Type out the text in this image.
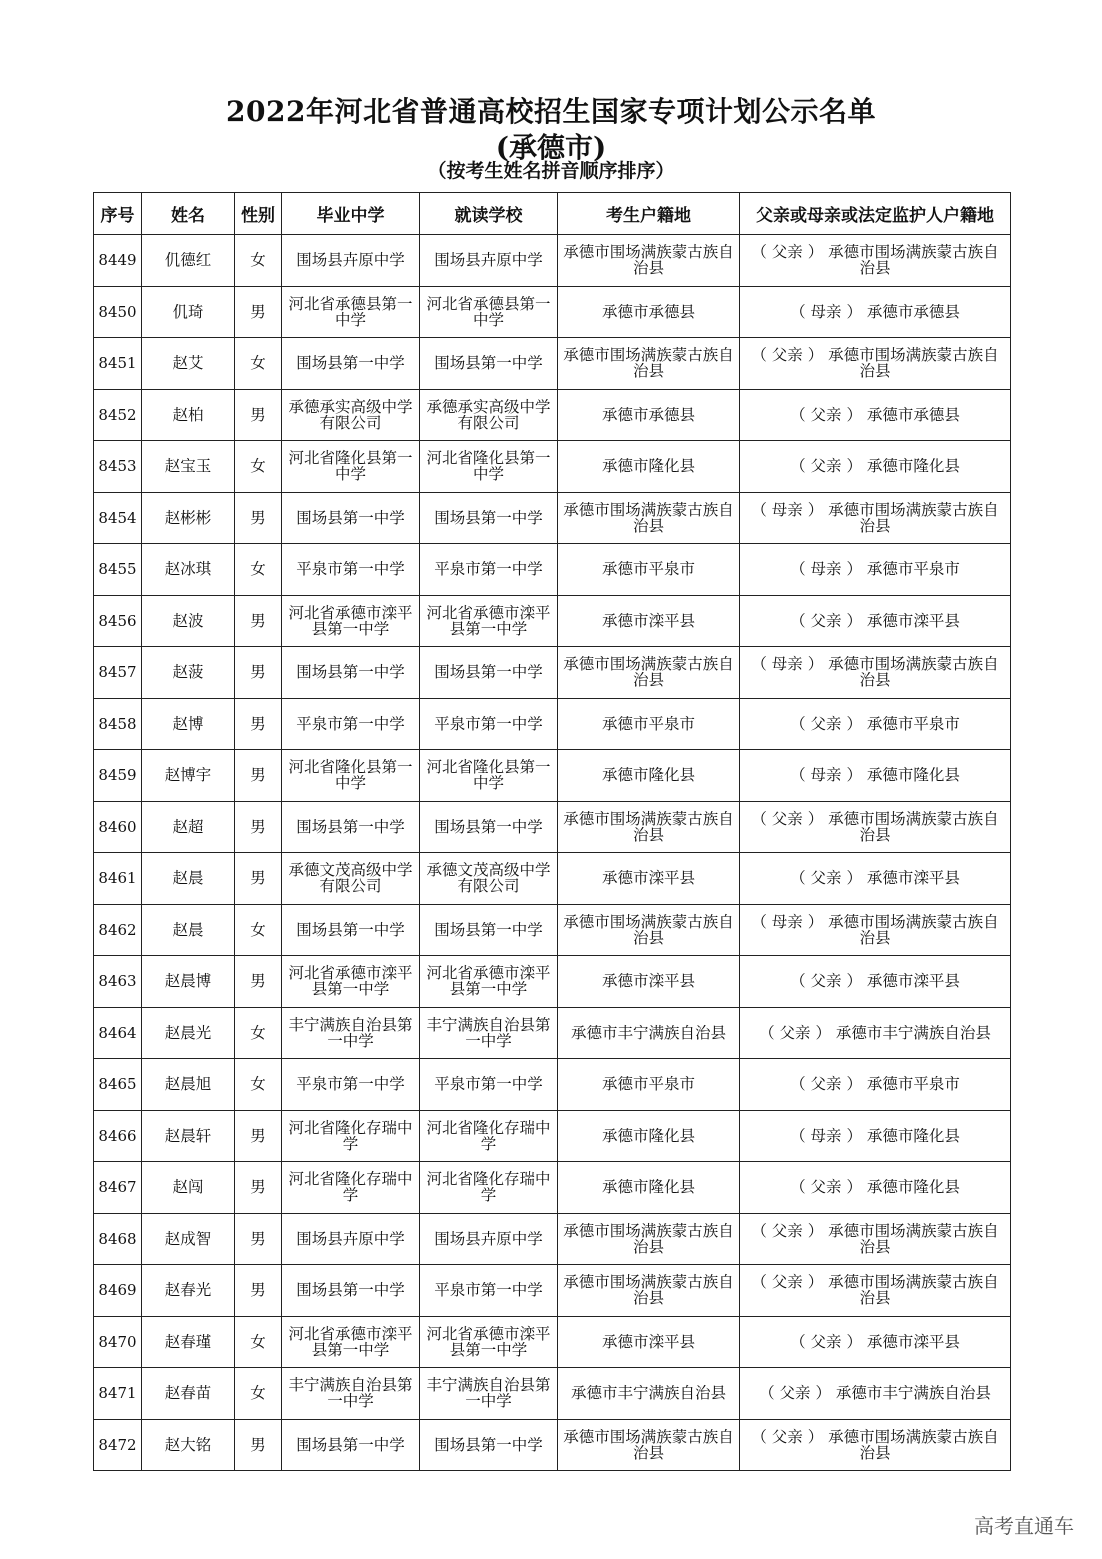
2022年河北省普通高校招生国家专项计划公示名单
(承德市)
（按考生姓名拼音顺序排序）
序号	姓名	性别	毕业中学	就读学校	考生户籍地	父亲或母亲或法定监护人户籍地
8449	仉德红	女	围场县卉原中学	围场县卉原中学	承德市围场满族蒙古族自治县	（ 父亲 ） 承德市围场满族蒙古族自治县
8450	仉琦	男	河北省承德县第一中学	河北省承德县第一中学	承德市承德县	（ 母亲 ） 承德市承德县
8451	赵艾	女	围场县第一中学	围场县第一中学	承德市围场满族蒙古族自治县	（ 父亲 ） 承德市围场满族蒙古族自治县
8452	赵柏	男	承德承实高级中学有限公司	承德承实高级中学有限公司	承德市承德县	（ 父亲 ） 承德市承德县
8453	赵宝玉	女	河北省隆化县第一中学	河北省隆化县第一中学	承德市隆化县	（ 父亲 ） 承德市隆化县
8454	赵彬彬	男	围场县第一中学	围场县第一中学	承德市围场满族蒙古族自治县	（ 母亲 ） 承德市围场满族蒙古族自治县
8455	赵冰琪	女	平泉市第一中学	平泉市第一中学	承德市平泉市	（ 母亲 ） 承德市平泉市
8456	赵波	男	河北省承德市滦平县第一中学	河北省承德市滦平县第一中学	承德市滦平县	（ 父亲 ） 承德市滦平县
8457	赵菠	男	围场县第一中学	围场县第一中学	承德市围场满族蒙古族自治县	（ 母亲 ） 承德市围场满族蒙古族自治县
8458	赵博	男	平泉市第一中学	平泉市第一中学	承德市平泉市	（ 父亲 ） 承德市平泉市
8459	赵博宇	男	河北省隆化县第一中学	河北省隆化县第一中学	承德市隆化县	（ 母亲 ） 承德市隆化县
8460	赵超	男	围场县第一中学	围场县第一中学	承德市围场满族蒙古族自治县	（ 父亲 ） 承德市围场满族蒙古族自治县
8461	赵晨	男	承德文茂高级中学有限公司	承德文茂高级中学有限公司	承德市滦平县	（ 父亲 ） 承德市滦平县
8462	赵晨	女	围场县第一中学	围场县第一中学	承德市围场满族蒙古族自治县	（ 母亲 ） 承德市围场满族蒙古族自治县
8463	赵晨博	男	河北省承德市滦平县第一中学	河北省承德市滦平县第一中学	承德市滦平县	（ 父亲 ） 承德市滦平县
8464	赵晨光	女	丰宁满族自治县第一中学	丰宁满族自治县第一中学	承德市丰宁满族自治县	（ 父亲 ） 承德市丰宁满族自治县
8465	赵晨旭	女	平泉市第一中学	平泉市第一中学	承德市平泉市	（ 父亲 ） 承德市平泉市
8466	赵晨轩	男	河北省隆化存瑞中学	河北省隆化存瑞中学	承德市隆化县	（ 母亲 ） 承德市隆化县
8467	赵闯	男	河北省隆化存瑞中学	河北省隆化存瑞中学	承德市隆化县	（ 父亲 ） 承德市隆化县
8468	赵成智	男	围场县卉原中学	围场县卉原中学	承德市围场满族蒙古族自治县	（ 父亲 ） 承德市围场满族蒙古族自治县
8469	赵春光	男	围场县第一中学	平泉市第一中学	承德市围场满族蒙古族自治县	（ 父亲 ） 承德市围场满族蒙古族自治县
8470	赵春瑾	女	河北省承德市滦平县第一中学	河北省承德市滦平县第一中学	承德市滦平县	（ 父亲 ） 承德市滦平县
8471	赵春苗	女	丰宁满族自治县第一中学	丰宁满族自治县第一中学	承德市丰宁满族自治县	（ 父亲 ） 承德市丰宁满族自治县
8472	赵大铭	男	围场县第一中学	围场县第一中学	承德市围场满族蒙古族自治县	（ 父亲 ） 承德市围场满族蒙古族自治县
高考直通车
